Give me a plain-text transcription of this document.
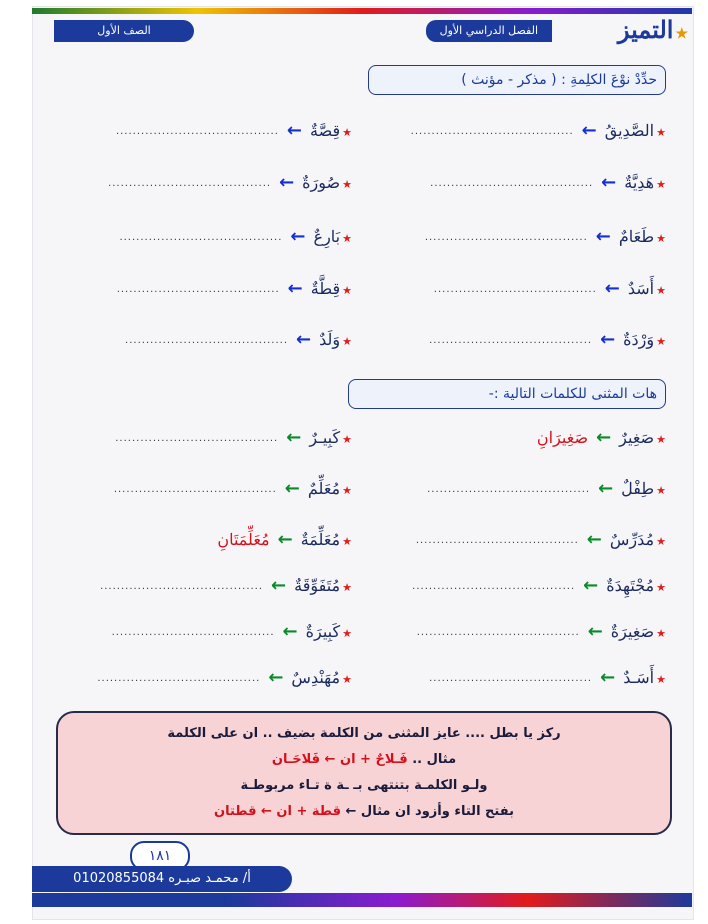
★التميز
الفصل الدراسي الأول
الصف الأول
حدِّدْ نوْعَ الكلِمةِ : ( مذكر - مؤنث )
★الصَّدِيقُ←.......................................
★قِصَّةٌ←.......................................
★هَدِيَّةٌ←.......................................
★صُورَةٌ←.......................................
★طَعَامٌ←.......................................
★بَارِعٌ←.......................................
★أَسَدٌ←.......................................
★قِطَّةٌ←.......................................
★وَرْدَةٌ←.......................................
★وَلَدٌ←.......................................
هات المثنى للكلمات التالية :-
★صَغِيرٌ←صَغِيرَانِ
★كَبِيـرٌ←.......................................
★طِفْلٌ←.......................................
★مُعَلِّمٌ←.......................................
★مُدَرِّسٌ←.......................................
★مُعَلِّمَةٌ←مُعَلِّمَتَانِ
★مُجْتَهِدَةٌ←.......................................
★مُتَفَوِّقَةٌ←.......................................
★صَغِيرَةٌ←.......................................
★كَبِيرَةٌ←.......................................
★أَسَـدٌ←.......................................
★مُهَنْدِسٌ←.......................................

ركز يا بطل .... عايز المثنى من الكلمة بضيف .. ان على الكلمة

مثال .. فَـلاحٌ + ان ← فَلاحَـان

ولـو الكلمـة بتنتهى بـ ـة ة تـاء مربوطـة

بفتح التاء وأزود ان مثال ← قطة + ان ← قطتان

١٨١
أ/ محمـد صبـره 01020855084
